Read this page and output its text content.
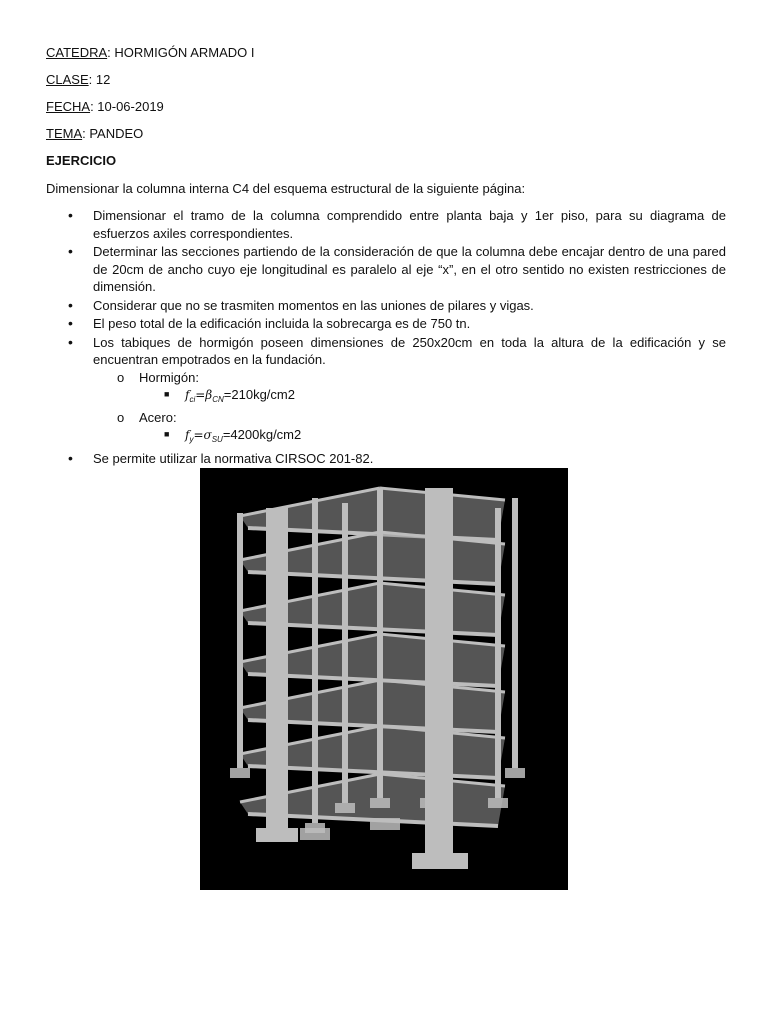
CATEDRA: HORMIGÓN ARMADO I
CLASE: 12
FECHA: 10-06-2019
TEMA: PANDEO
EJERCICIO
Dimensionar la columna interna C4 del esquema estructural de la siguiente página:
• Dimensionar el tramo de la columna comprendido entre planta baja y 1er piso, para su diagrama de esfuerzos axiles correspondientes.
• Determinar las secciones partiendo de la consideración de que la columna debe encajar dentro de una pared de 20cm de ancho cuyo eje longitudinal es paralelo al eje “x”, en el otro sentido no existen restricciones de dimensión.
• Considerar que no se trasmiten momentos en las uniones de pilares y vigas.
• El peso total de la edificación incluida la sobrecarga es de 750 tn.
• Los tabiques de hormigón poseen dimensiones de 250x20cm en toda la altura de la edificación y se encuentran empotrados en la fundación.
o Hormigón:
■ $f_{ci}=\beta_{CN}=210kg/cm2$
o Acero:
■ $f_y=\sigma_{SU}=4200kg/cm2$
• Se permite utilizar la normativa CIRSOC 201-82.
